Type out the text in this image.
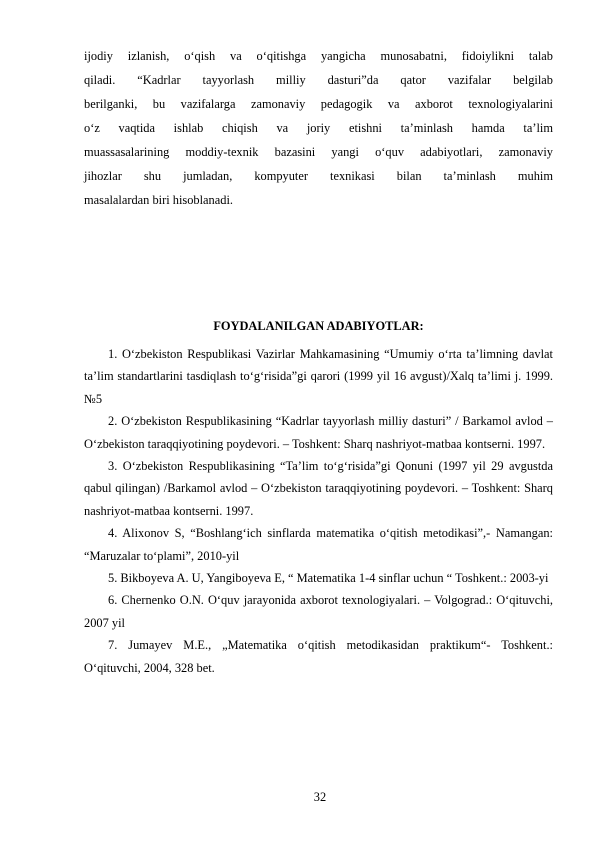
ijodiy izlanish, o‘qish va o‘qitishga yangicha munosabatni, fidoiylikni talab
qiladi. “Kadrlar tayyorlash milliy dasturi”da qator vazifalar belgilab
berilganki, bu vazifalarga zamonaviy pedagogik va axborot texnologiyalarini
o‘z vaqtida ishlab chiqish va joriy etishni ta’minlash hamda ta’lim
muassasalarining moddiy-texnik bazasini yangi o‘quv adabiyotlari, zamonaviy
jihozlar shu jumladan, kompyuter texnikasi bilan ta’minlash muhim
masalalardan biri hisoblanadi.
FOYDALANILGAN ADABIYOTLAR:
1. O‘zbekiston Respublikasi Vazirlar Mahkamasining “Umumiy o‘rta ta’limning davlat ta’lim standartlarini tasdiqlash to‘g‘risida”gi qarori (1999 yil 16 avgust)/Xalq ta’limi j. 1999. №5
2. O‘zbekiston Respublikasining “Kadrlar tayyorlash milliy dasturi” / Barkamol avlod – O‘zbekiston taraqqiyotining poydevori. – Toshkent: Sharq nashriyot-matbaa kontserni. 1997.
3. O‘zbekiston Respublikasining “Ta’lim to‘g‘risida”gi Qonuni (1997 yil 29 avgustda qabul qilingan) /Barkamol avlod – O‘zbekiston taraqqiyotining poydevori. – Toshkent: Sharq nashriyot-matbaa kontserni. 1997.
4. Alixonov S, “Boshlang‘ich sinflarda matematika o‘qitish metodikasi”,- Namangan: “Maruzalar to‘plami”, 2010-yil
5. Bikboyeva A. U, Yangiboyeva E, “ Matematika 1-4 sinflar uchun “ Toshkent.: 2003-yi
6. Chernenko O.N. O‘quv jarayonida axborot texnologiyalari. – Volgograd.: O‘qituvchi, 2007 yil
7. Jumayev M.E., „Matematika o‘qitish metodikasidan praktikum“- Toshkent.: O‘qituvchi, 2004, 328 bet.
32
